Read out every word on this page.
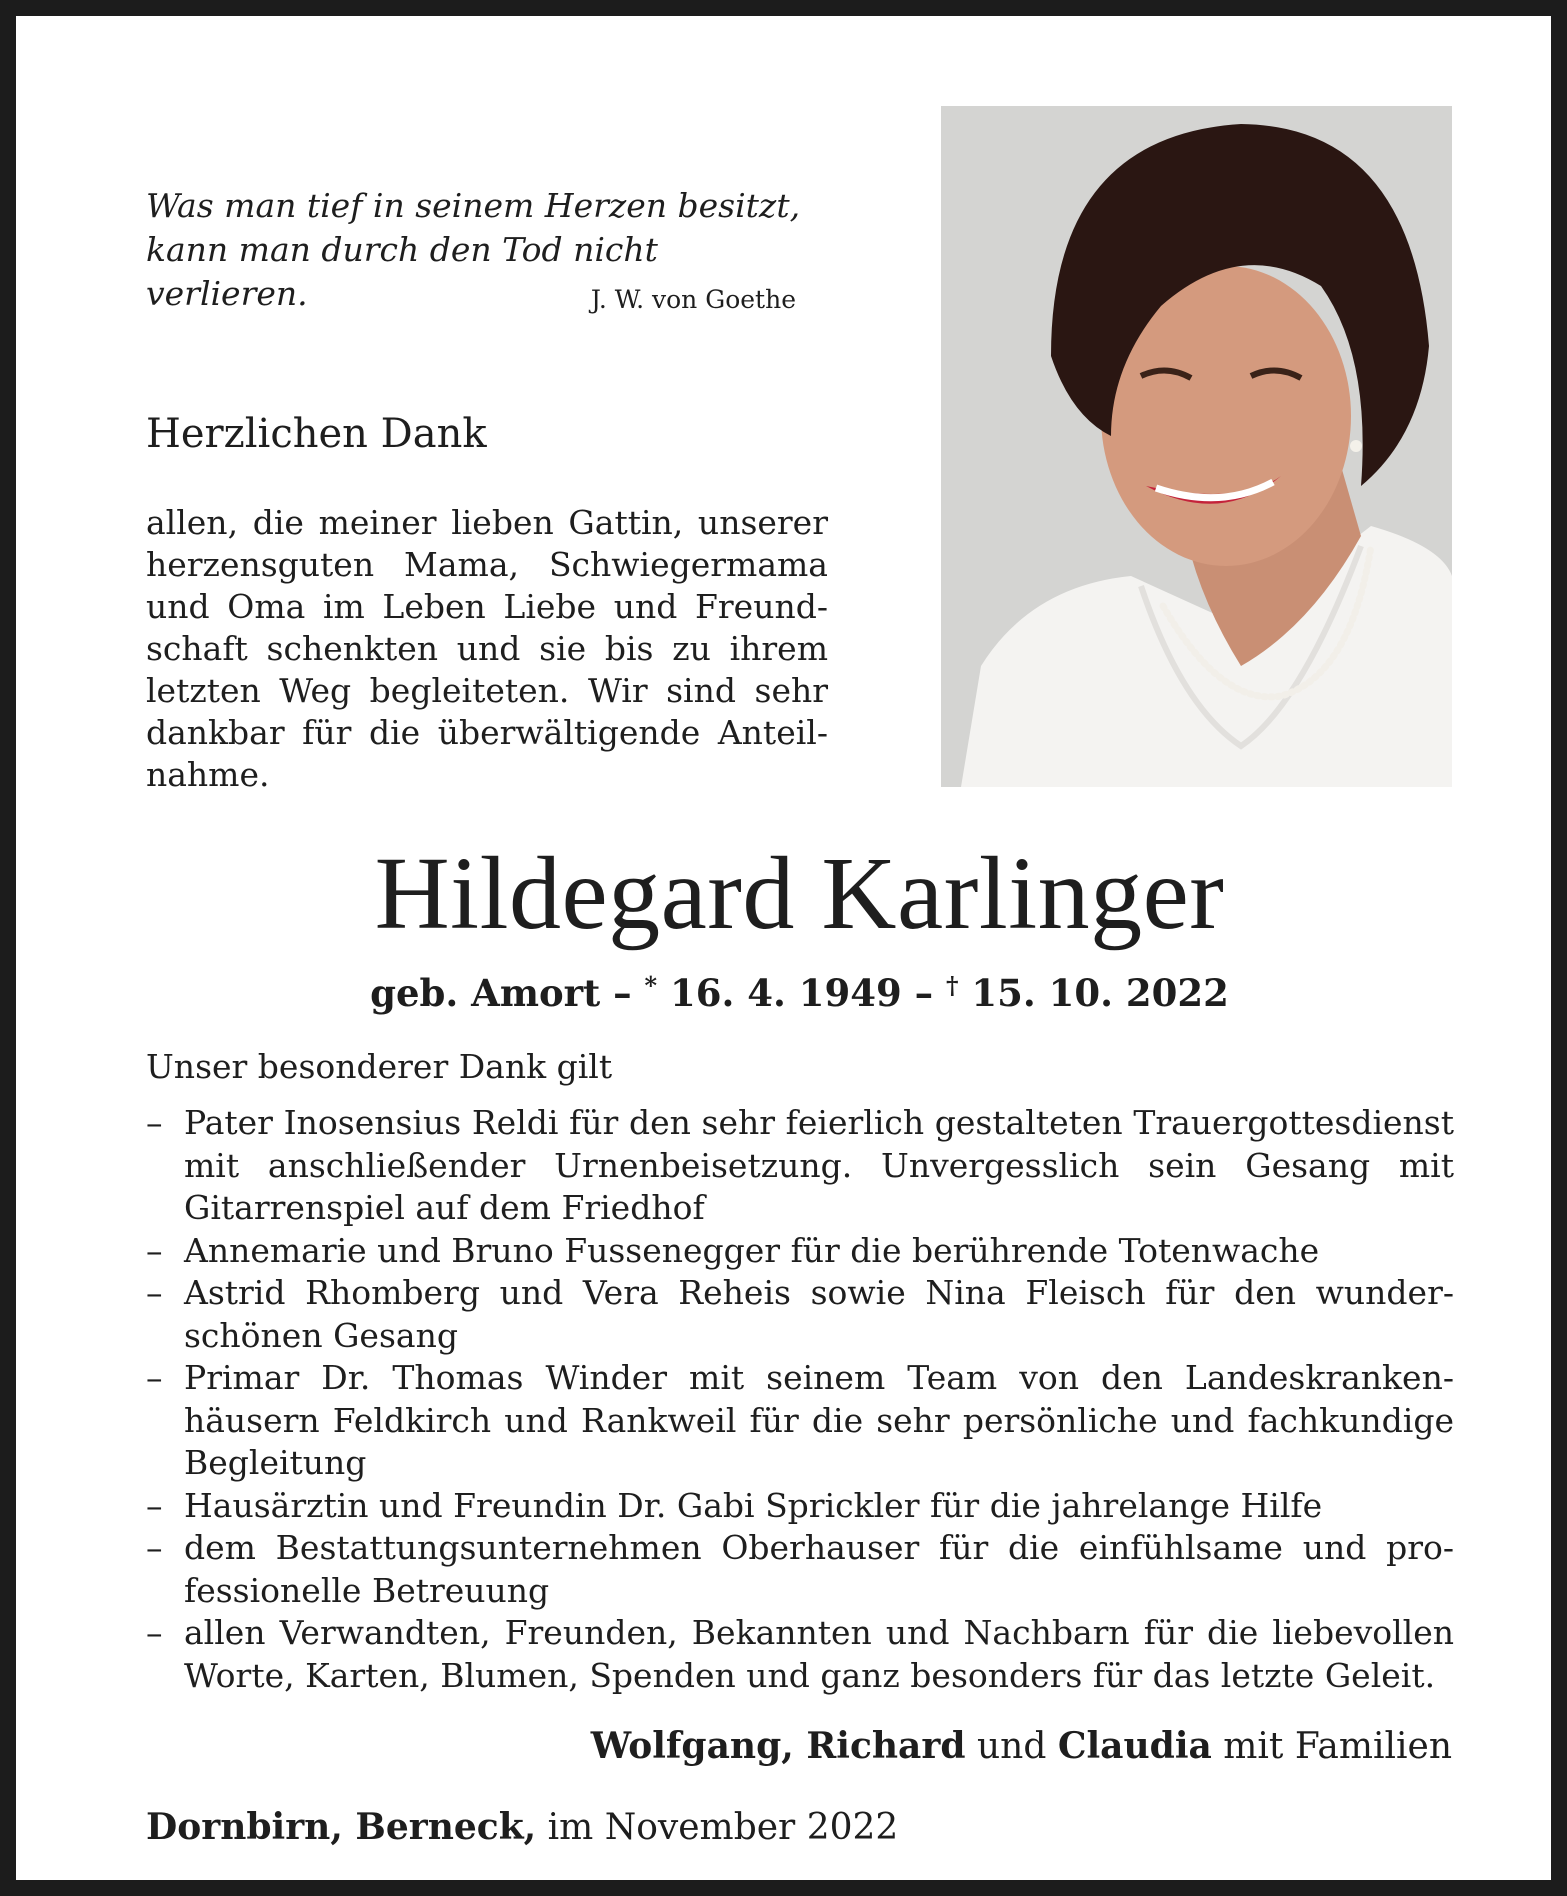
Was man tief in seinem Herzen besitzt,
kann man durch den Tod nicht verlieren.	J. W. von Goethe
Herzlichen Dank
allen, die meiner lieben Gattin, unserer herzensguten Mama, Schwiegermama und Oma im Leben Liebe und Freundschaft schenkten und sie bis zu ihrem letzten Weg begleiteten. Wir sind sehr dankbar für die überwältigende Anteilnahme.
Hildegard Karlinger
geb. Amort – * 16. 4. 1949 – † 15. 10. 2022
Unser besonderer Dank gilt
– Pater Inosensius Reldi für den sehr feierlich gestalteten Trauergottesdienst mit anschließender Urnenbeisetzung. Unvergesslich sein Gesang mit Gitarrenspiel auf dem Friedhof
– Annemarie und Bruno Fussenegger für die berührende Totenwache
– Astrid Rhomberg und Vera Reheis sowie Nina Fleisch für den wunderschönen Gesang
– Primar Dr. Thomas Winder mit seinem Team von den Landeskrankenhäusern Feldkirch und Rankweil für die sehr persönliche und fachkundige Begleitung
– Hausärztin und Freundin Dr. Gabi Sprickler für die jahrelange Hilfe
– dem Bestattungsunternehmen Oberhauser für die einfühlsame und professionelle Betreuung
– allen Verwandten, Freunden, Bekannten und Nachbarn für die liebevollen Worte, Karten, Blumen, Spenden und ganz besonders für das letzte Geleit.
Wolfgang, Richard und Claudia mit Familien
Dornbirn, Berneck, im November 2022
